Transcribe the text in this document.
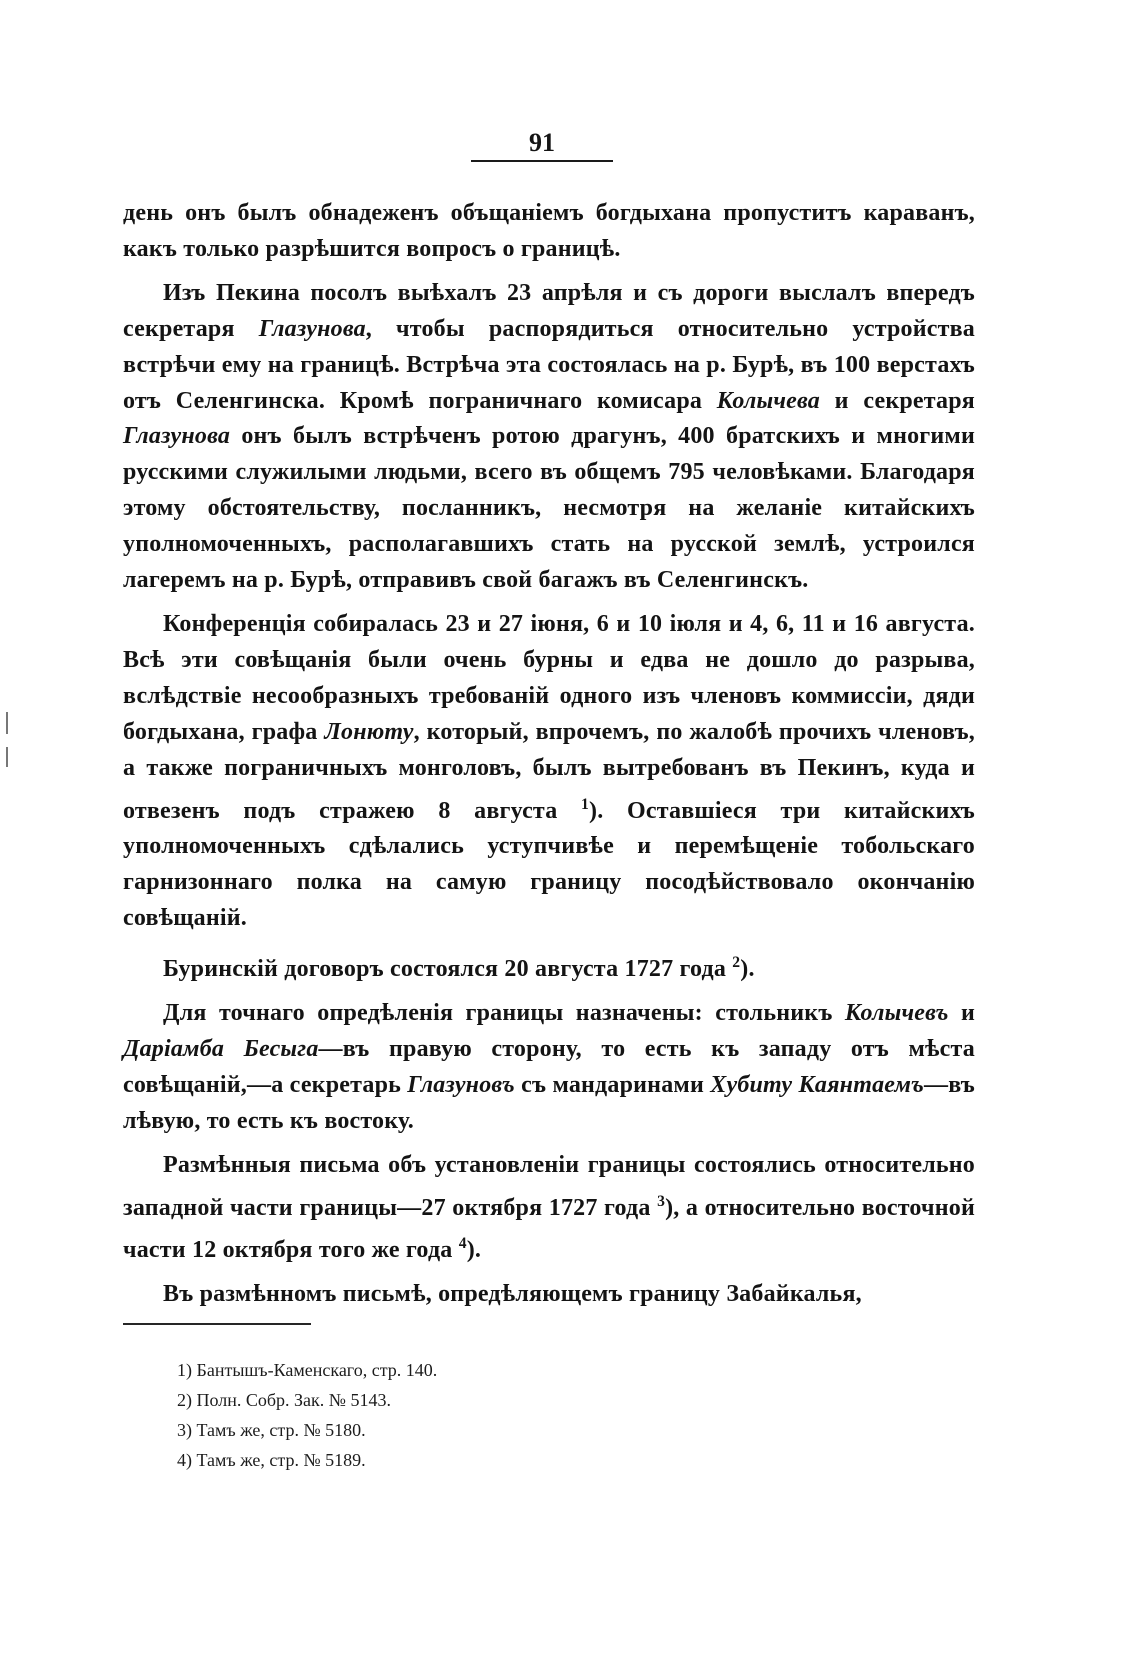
91

день онъ былъ обнадеженъ объщаніемъ богдыхана пропуститъ караванъ, какъ только разрѣшится вопросъ о границѣ.

Изъ Пекина посолъ выѣхалъ 23 апрѣля и съ дороги выслалъ впередъ секретаря Глазунова, чтобы распорядиться относительно устройства встрѣчи ему на границѣ. Встрѣча эта состоялась на р. Бурѣ, въ 100 верстахъ отъ Селенгинска. Кромѣ пограничнаго комисара Колычева и секретаря Глазунова онъ былъ встрѣченъ ротою драгунъ, 400 братскихъ и многими русскими служилыми людьми, всего въ общемъ 795 человѣками. Благодаря этому обстоятельству, посланникъ, несмотря на желаніе китайскихъ уполномоченныхъ, располагавшихъ стать на русской землѣ, устроился лагеремъ на р. Бурѣ, отправивъ свой багажъ въ Селенгинскъ.

Конференція собиралась 23 и 27 іюня, 6 и 10 іюля и 4, 6, 11 и 16 августа. Всѣ эти совѣщанія были очень бурны и едва не дошло до разрыва, вслѣдствіе несообразныхъ требованій одного изъ членовъ коммиссіи, дяди богдыхана, графа Лонюту, который, впрочемъ, по жалобѣ прочихъ членовъ, а также пограничныхъ монголовъ, былъ вытребованъ въ Пекинъ, куда и отвезенъ подъ стражею 8 августа $^1$). Оставшіеся три китайскихъ уполномоченныхъ сдѣлались уступчивѣе и перемѣщеніе тобольскаго гарнизоннаго полка на самую границу посодѣйствовало окончанію совѣщаній.

Буринскій договоръ состоялся 20 августа 1727 года $^2$).

Для точнаго опредѣленія границы назначены: стольникъ Колычевъ и Даріамба Бесыга—въ правую сторону, то есть къ западу отъ мѣста совѣщаній,—а секретарь Глазуновъ съ мандаринами Хубиту Каянтаемъ—въ лѣвую, то есть къ востоку.

Размѣнныя письма объ установленіи границы состоялись относительно западной части границы—27 октября 1727 года $^3$), а относительно восточной части 12 октября того же года $^4$).

Въ размѣнномъ письмѣ, опредѣляющемъ границу Забайкалья,

1) Бантышъ-Каменскаго, стр. 140.

2) Полн. Собр. Зак. № 5143.

3) Тамъ же, стр. № 5180.

4) Тамъ же, стр. № 5189.
